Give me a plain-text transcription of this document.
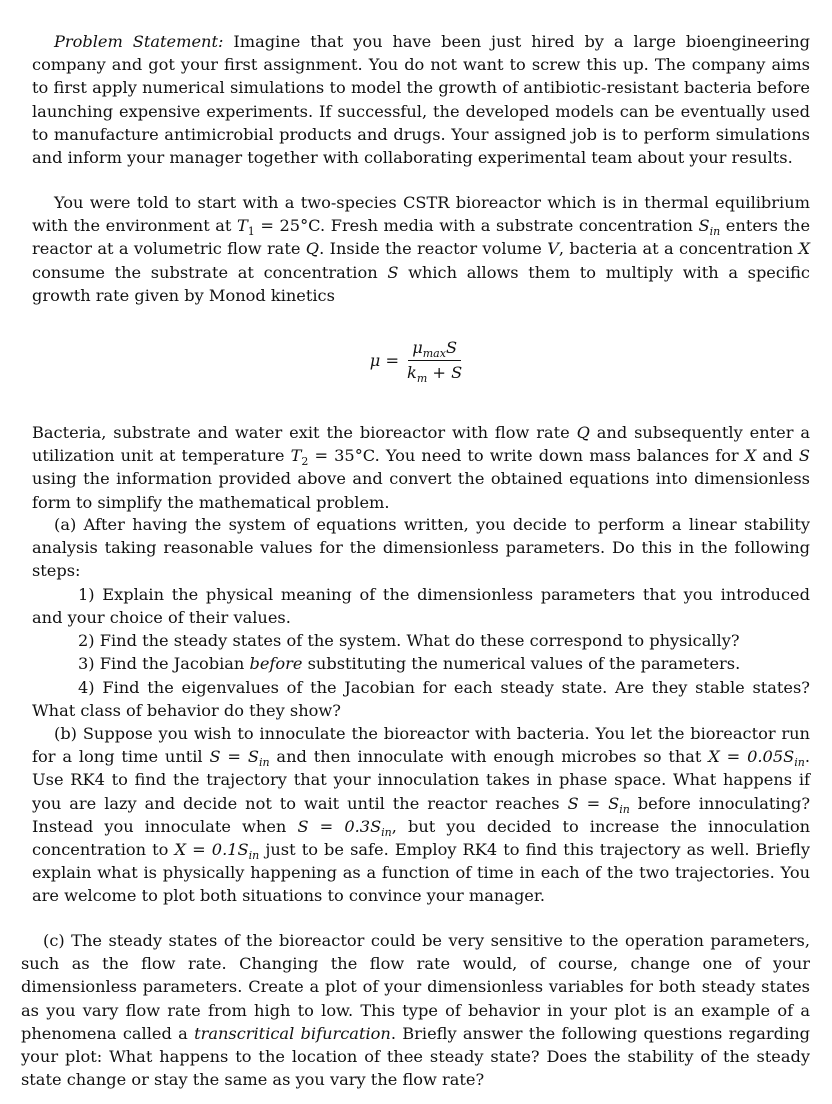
Problem Statement: Imagine that you have been just hired by a large bioengineering company and got your first assignment. You do not want to screw this up. The company aims to first apply numerical simulations to model the growth of antibiotic-resistant bacteria before launching expensive experiments. If successful, the developed models can be eventually used to manufacture antimicrobial products and drugs. Your assigned job is to perform simulations and inform your manager together with collaborating experimental team about your results.

You were told to start with a two-species CSTR bioreactor which is in thermal equilibrium with the environment at $T_1 = 25^\circ C$. Fresh media with a substrate concentration $S_{in}$ enters the reactor at a volumetric flow rate Q. Inside the reactor volume V, bacteria at a concentration X consume the substrate at concentration S which allows them to multiply with a specific growth rate given by Monod kinetics

$\mu = \frac{\mu_{max}S}{k_m + S}$

Bacteria, substrate and water exit the bioreactor with flow rate Q and subsequently enter a utilization unit at temperature $T_2 = 35^\circ C$. You need to write down mass balances for X and S using the information provided above and convert the obtained equations into dimensionless form to simplify the mathematical problem.

(a) After having the system of equations written, you decide to perform a linear stability analysis taking reasonable values for the dimensionless parameters. Do this in the following steps:

1) Explain the physical meaning of the dimensionless parameters that you introduced and your choice of their values.

2) Find the steady states of the system. What do these correspond to physically?

3) Find the Jacobian before substituting the numerical values of the parameters.

4) Find the eigenvalues of the Jacobian for each steady state. Are they stable states? What class of behavior do they show?

(b) Suppose you wish to innoculate the bioreactor with bacteria. You let the bioreactor run for a long time until $S = S_{in}$ and then innoculate with enough microbes so that $X = 0.05S_{in}$. Use RK4 to find the trajectory that your innoculation takes in phase space. What happens if you are lazy and decide not to wait until the reactor reaches $S = S_{in}$ before innoculating? Instead you innoculate when $S = 0.3S_{in}$, but you decided to increase the innoculation concentration to $X = 0.1S_{in}$ just to be safe. Employ RK4 to find this trajectory as well. Briefly explain what is physically happening as a function of time in each of the two trajectories. You are welcome to plot both situations to convince your manager.

(c) The steady states of the bioreactor could be very sensitive to the operation parameters, such as the flow rate. Changing the flow rate would, of course, change one of your dimensionless parameters. Create a plot of your dimensionless variables for both steady states as you vary flow rate from high to low. This type of behavior in your plot is an example of a phenomena called a transcritical bifurcation. Briefly answer the following questions regarding your plot: What happens to the location of thee steady state? Does the stability of the steady state change or stay the same as you vary the flow rate?
